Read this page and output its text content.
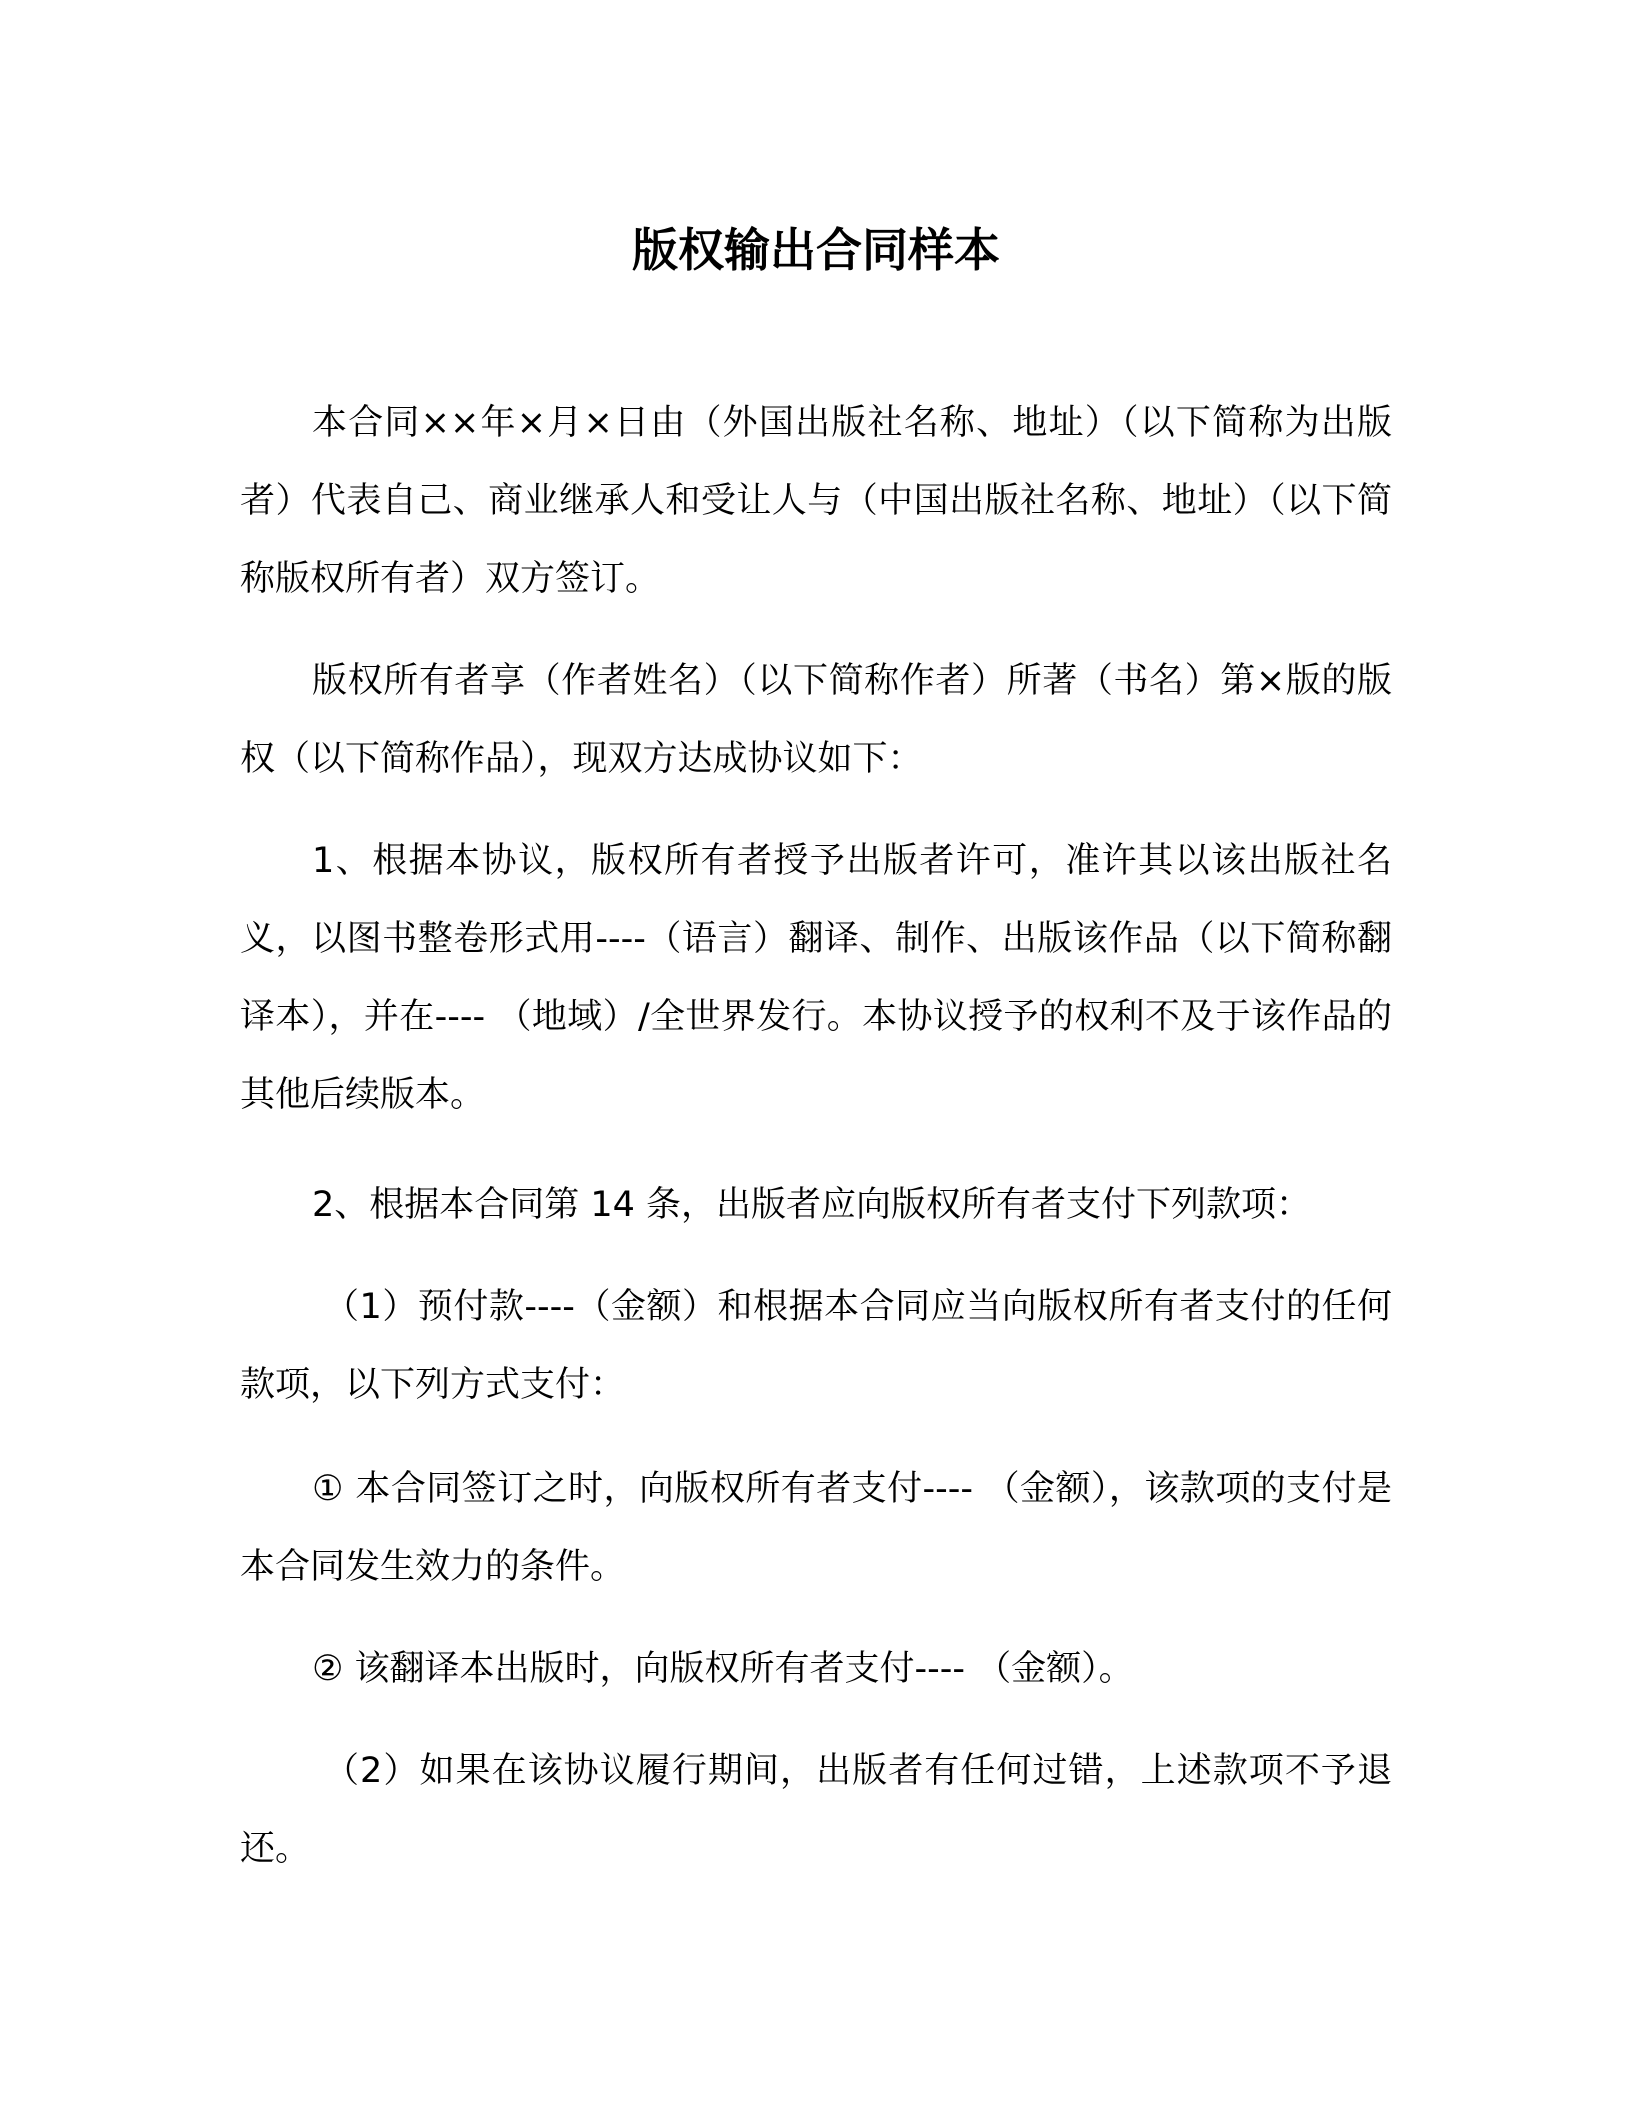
版权输出合同样本

本合同××年×月×日由（外国出版社名称、地址）（以下简称为出版者）代表自己、商业继承人和受让人与（中国出版社名称、地址）（以下简称版权所有者）双方签订。

版权所有者享（作者姓名）（以下简称作者）所著（书名）第×版的版权（以下简称作品），现双方达成协议如下：

1、根据本协议，版权所有者授予出版者许可，准许其以该出版社名义，以图书整卷形式用----（语言）翻译、制作、出版该作品（以下简称翻译本），并在---- （地域）/全世界发行。本协议授予的权利不及于该作品的其他后续版本。

2、根据本合同第 14 条，出版者应向版权所有者支付下列款项：

（1）预付款----（金额）和根据本合同应当向版权所有者支付的任何款项，以下列方式支付：

① 本合同签订之时，向版权所有者支付---- （金额），该款项的支付是本合同发生效力的条件。

② 该翻译本出版时，向版权所有者支付---- （金额）。

（2）如果在该协议履行期间，出版者有任何过错，上述款项不予退还。
